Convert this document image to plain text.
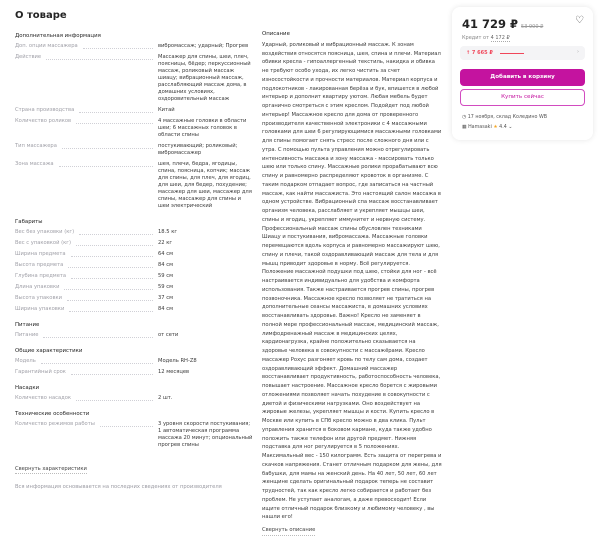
О товаре
Дополнительная информация
Доп. опции массажера	вибромассаж; ударный; Прогрев
Действие	Массажер для спины, шеи, плеч, поясницы, бёдер; перкуссионный массаж, роликовый массаж шиацу; вибрационный массаж, расслабляющий массаж дома, в домашних условиях, оздоровительный массаж
Страна производства	Китай
Количество роликов	4 массажные головки в области шеи; 6 массажных головок в области спины
Тип массажера	постукивающий; роликовый; вибромассажер
Зона массажа	шея, плечи, бедра, ягодицы, спина, поясница, копчик; массаж для спины, для плеч, для ягодиц, для шеи, для бедер, похудение; массажер для шеи, массажер для спины, массажер для спины и шеи электрический
Габариты
Вес без упаковки (кг)	18.5 кг
Вес с упаковкой (кг)	22 кг
Ширина предмета	64 см
Высота предмета	84 см
Глубина предмета	59 см
Длина упаковки	59 см
Высота упаковки	37 см
Ширина упаковки	84 см
Питание
Питание	от сети
Общие характеристики
Модель	Модель RH-Z8
Гарантийный срок	12 месяцев
Насадки
Количество насадок	2 шт.
Технические особенности
Количество режимов работы	3 уровня скорости постукивания; 1 автоматическая программа массажа 20 минут; опциональный прогрев спины
Свернуть характеристики
Вся информация основывается на последних сведениях от производителя
Описание

Ударный, роликовый и вибрационный массаж. К зонам воздействия относятся поясница, шея, спина и плечи. Материал обивки кресла - гипоаллергенный текстиль, накидка и обивка не требуют особо ухода, их легко чистить за счет износостойкости и прочности материалов. Материал корпуса и подлокотников - лакированная берёза и бук, впишется в любой интерьер и дополнит квартиру уютом. Любая мебель будет органично смотреться с этим креслом. Подойдет под любой интерьер! Массажное кресло для дома от проверенного производителя качественной электроники с 4 массажными головками для шеи 6 регулирующимися массажными головками для спины помогает снять стресс после сложного дня или с утра. С помощью пульта управления можно отрегулировать интенсивность массажа и зону массажа - массировать только шею или только спину. Массажные ролики прорабатывают всю спину и равномерно распределяют кровоток в организме. С таким подарком отпадает вопрос, где записаться на частный массаж, как найти массажиста. Это настоящий салон массажа в одном устройстве. Вибрационный спа массаж восстанавливает организм человека, расслабляет и укрепляет мышцы шеи, спины и ягодиц, укрепляет иммунитет и нервную систему. Профессиональный массаж спины обусловлен техниками Шиацу и постукивания, вибромассажа. Массажные головки перемещаются вдоль корпуса и равномерно массажируют шею, спину и плечи, такой оздоравливающий массаж для тела и для мышц приводит здоровье в норму. Всё регулируется. Положение массажной подушки под шею, стойки для ног - всё настраивается индивидуально для удобства и комфорта использования. Также настраивается прогрев спины, прогрев позвоночника. Массажное кресло позволяет не тратиться на дополнительные сеансы массажиста, в домашних условиях восстанавливать здоровье. Важно! Кресло не заменяет в полной мере профессиональный массаж, медицинский массаж, лимфодренажный массаж в медицинских целях, кардионагрузка, крайне положительно сказывается на здоровье человека в совокупности с массажёрами. Кресло массажер Роxус разгоняет кровь по телу сам дома, создает оздоравливающий эффект. Домашний массажер восстанавливает продуктивность, работоспособность человека, повышает настроение. Массажное кресло борется с жировыми отложениями позволяет начать похудение в совокупности с диетой и физическими нагрузками. Оно воздействует на жировые железы, укрепляет мышцы и кости. Купить кресло в Москве или купить в СПб кресло можно в два клика. Пульт управления хранится в боковом кармане, куда также удобно положить также телефон или другой предмет. Нижняя подставка для ног регулируется в 5 положениях. Максимальный вес - 150 килограмм. Есть защита от перегрева и скачков напряжения. Станет отличным подарком для жены, для бабушки, для мамы на женский день. На 40 лет, 50 лет, 60 лет женщине сделать оригинальный подарок теперь не составит трудностей, так как кресло легко собирается и работает без проблем. Не уступает аналогам, а даже превосходит! Если ищите отличный подарок близкому и любимому человеку , вы нашли его!

Свернуть описание
41 729 ₽ 53 900 ₽
♡
Кредит от 4 172 ₽
↑ 7 665 ₽	›
Добавить в корзину
Купить сейчас
◷ 17 ноября, склад Коледино WB
▦ Hamasaki ★ 4.4 ⌄
